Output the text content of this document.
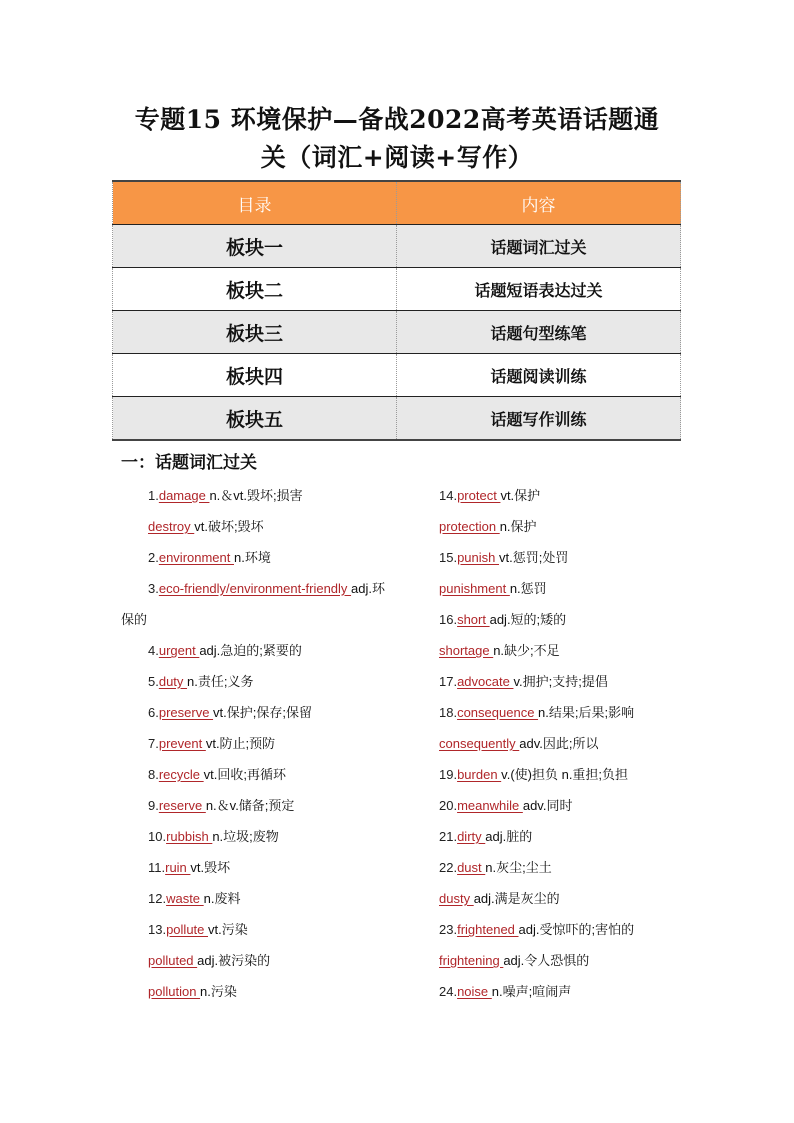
专题15 环境保护—备战2022高考英语话题通
关（词汇+阅读+写作）
目录	内容
板块一	话题词汇过关
板块二	话题短语表达过关
板块三	话题句型练笔
板块四	话题阅读训练
板块五	话题写作训练
一：话题词汇过关
1.damage n.＆vt.毁坏;损害
destroy vt.破坏;毁坏
2.environment n.环境
3.eco-friendly/environment-friendly adj.环
保的
4.urgent adj.急迫的;紧要的
5.duty n.责任;义务
6.preserve vt.保护;保存;保留
7.prevent vt.防止;预防
8.recycle vt.回收;再循环
9.reserve n.＆v.储备;预定
10.rubbish n.垃圾;废物
11.ruin vt.毁坏
12.waste n.废料
13.pollute vt.污染
polluted adj.被污染的
pollution n.污染
14.protect vt.保护
protection n.保护
15.punish vt.惩罚;处罚
punishment n.惩罚
16.short adj.短的;矮的
shortage n.缺少;不足
17.advocate v.拥护;支持;提倡
18.consequence n.结果;后果;影响
consequently adv.因此;所以
19.burden v.(使)担负 n.重担;负担
20.meanwhile adv.同时
21.dirty adj.脏的
22.dust n.灰尘;尘土
dusty adj.满是灰尘的
23.frightened adj.受惊吓的;害怕的
frightening adj.令人恐惧的
24.noise n.噪声;喧闹声
